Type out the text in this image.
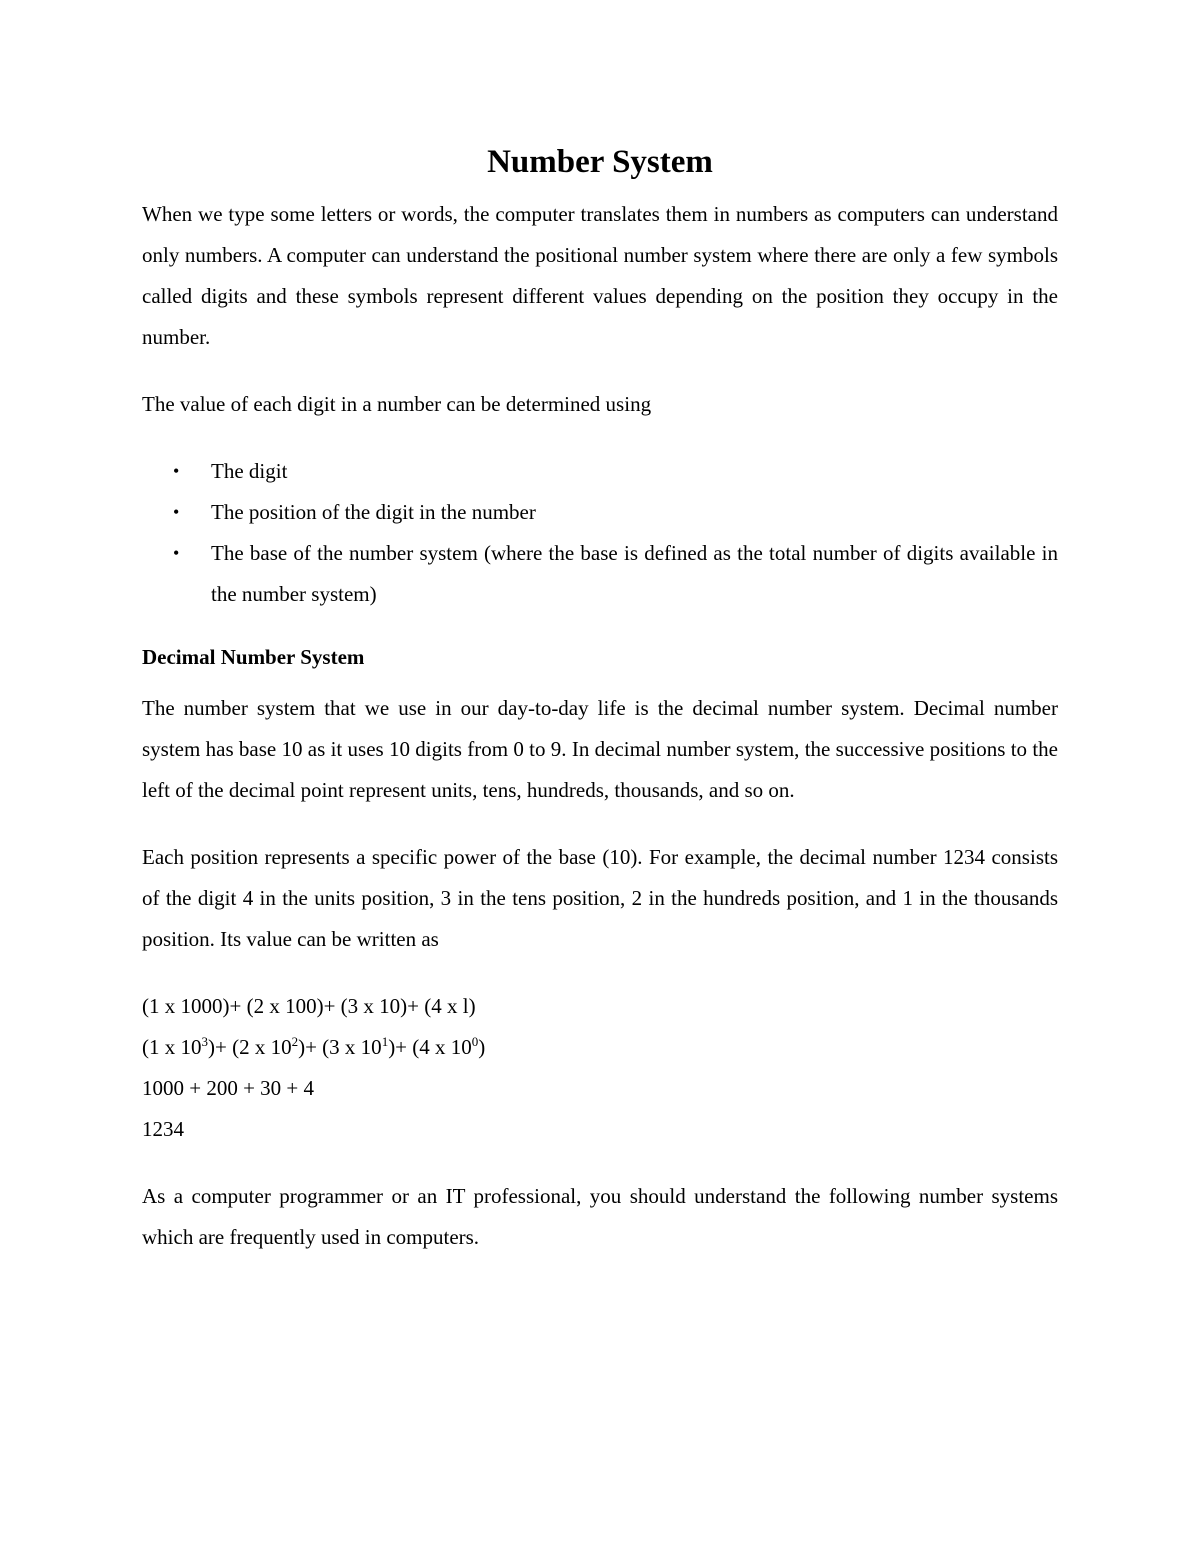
Number System

When we type some letters or words, the computer translates them in numbers as computers can understand only numbers. A computer can understand the positional number system where there are only a few symbols called digits and these symbols represent different values depending on the position they occupy in the number.

The value of each digit in a number can be determined using

• The digit
• The position of the digit in the number
• The base of the number system (where the base is defined as the total number of digits available in the number system)
Decimal Number System

The number system that we use in our day-to-day life is the decimal number system. Decimal number system has base 10 as it uses 10 digits from 0 to 9. In decimal number system, the successive positions to the left of the decimal point represent units, tens, hundreds, thousands, and so on.

Each position represents a specific power of the base (10). For example, the decimal number 1234 consists of the digit 4 in the units position, 3 in the tens position, 2 in the hundreds position, and 1 in the thousands position. Its value can be written as

(1 x 1000)+ (2 x 100)+ (3 x 10)+ (4 x l)

(1 x $10^3)+ (2$ x $10^2)+ (3$ x $10^1)+ (4$ x $10^0$)

1000 + 200 + 30 + 4

1234

As a computer programmer or an IT professional, you should understand the following number systems which are frequently used in computers.
